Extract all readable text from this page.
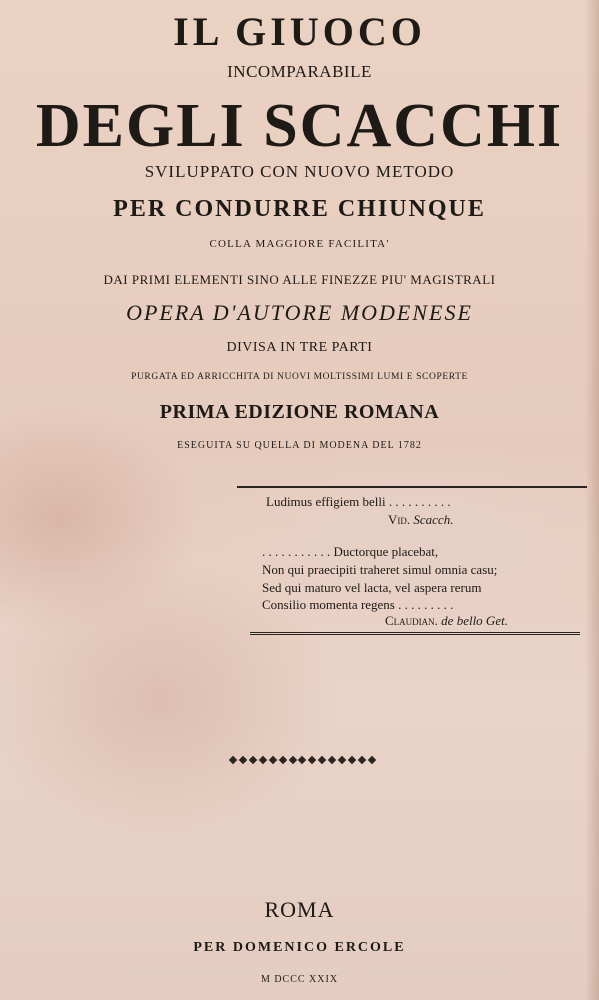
IL GIUOCO
INCOMPARABILE
DEGLI SCACCHI
SVILUPPATO CON NUOVO METODO
PER CONDURRE CHIUNQUE
COLLA MAGGIORE FACILITA'
DAI PRIMI ELEMENTI SINO ALLE FINEZZE PIU' MAGISTRALI
OPERA D'AUTORE MODENESE
DIVISA IN TRE PARTI
PURGATA ED ARRICCHITA DI NUOVI MOLTISSIMI LUMI E SCOPERTE
PRIMA EDIZIONE ROMANA
ESEGUITA SU QUELLA DI MODENA DEL 1782
Ludimus effigiem belli . . . . . . . . . .
Vid. Scacch.
. . . . . . . . . . . Ductorque placebat,
Non qui praecipiti traheret simul omnia casu;
Sed qui maturo vel lacta, vel aspera rerum
Consilio momenta regens . . . . . . . . .
Claudian. de bello Get.
ROMA
PER DOMENICO ERCOLE
M DCCC XXIX
